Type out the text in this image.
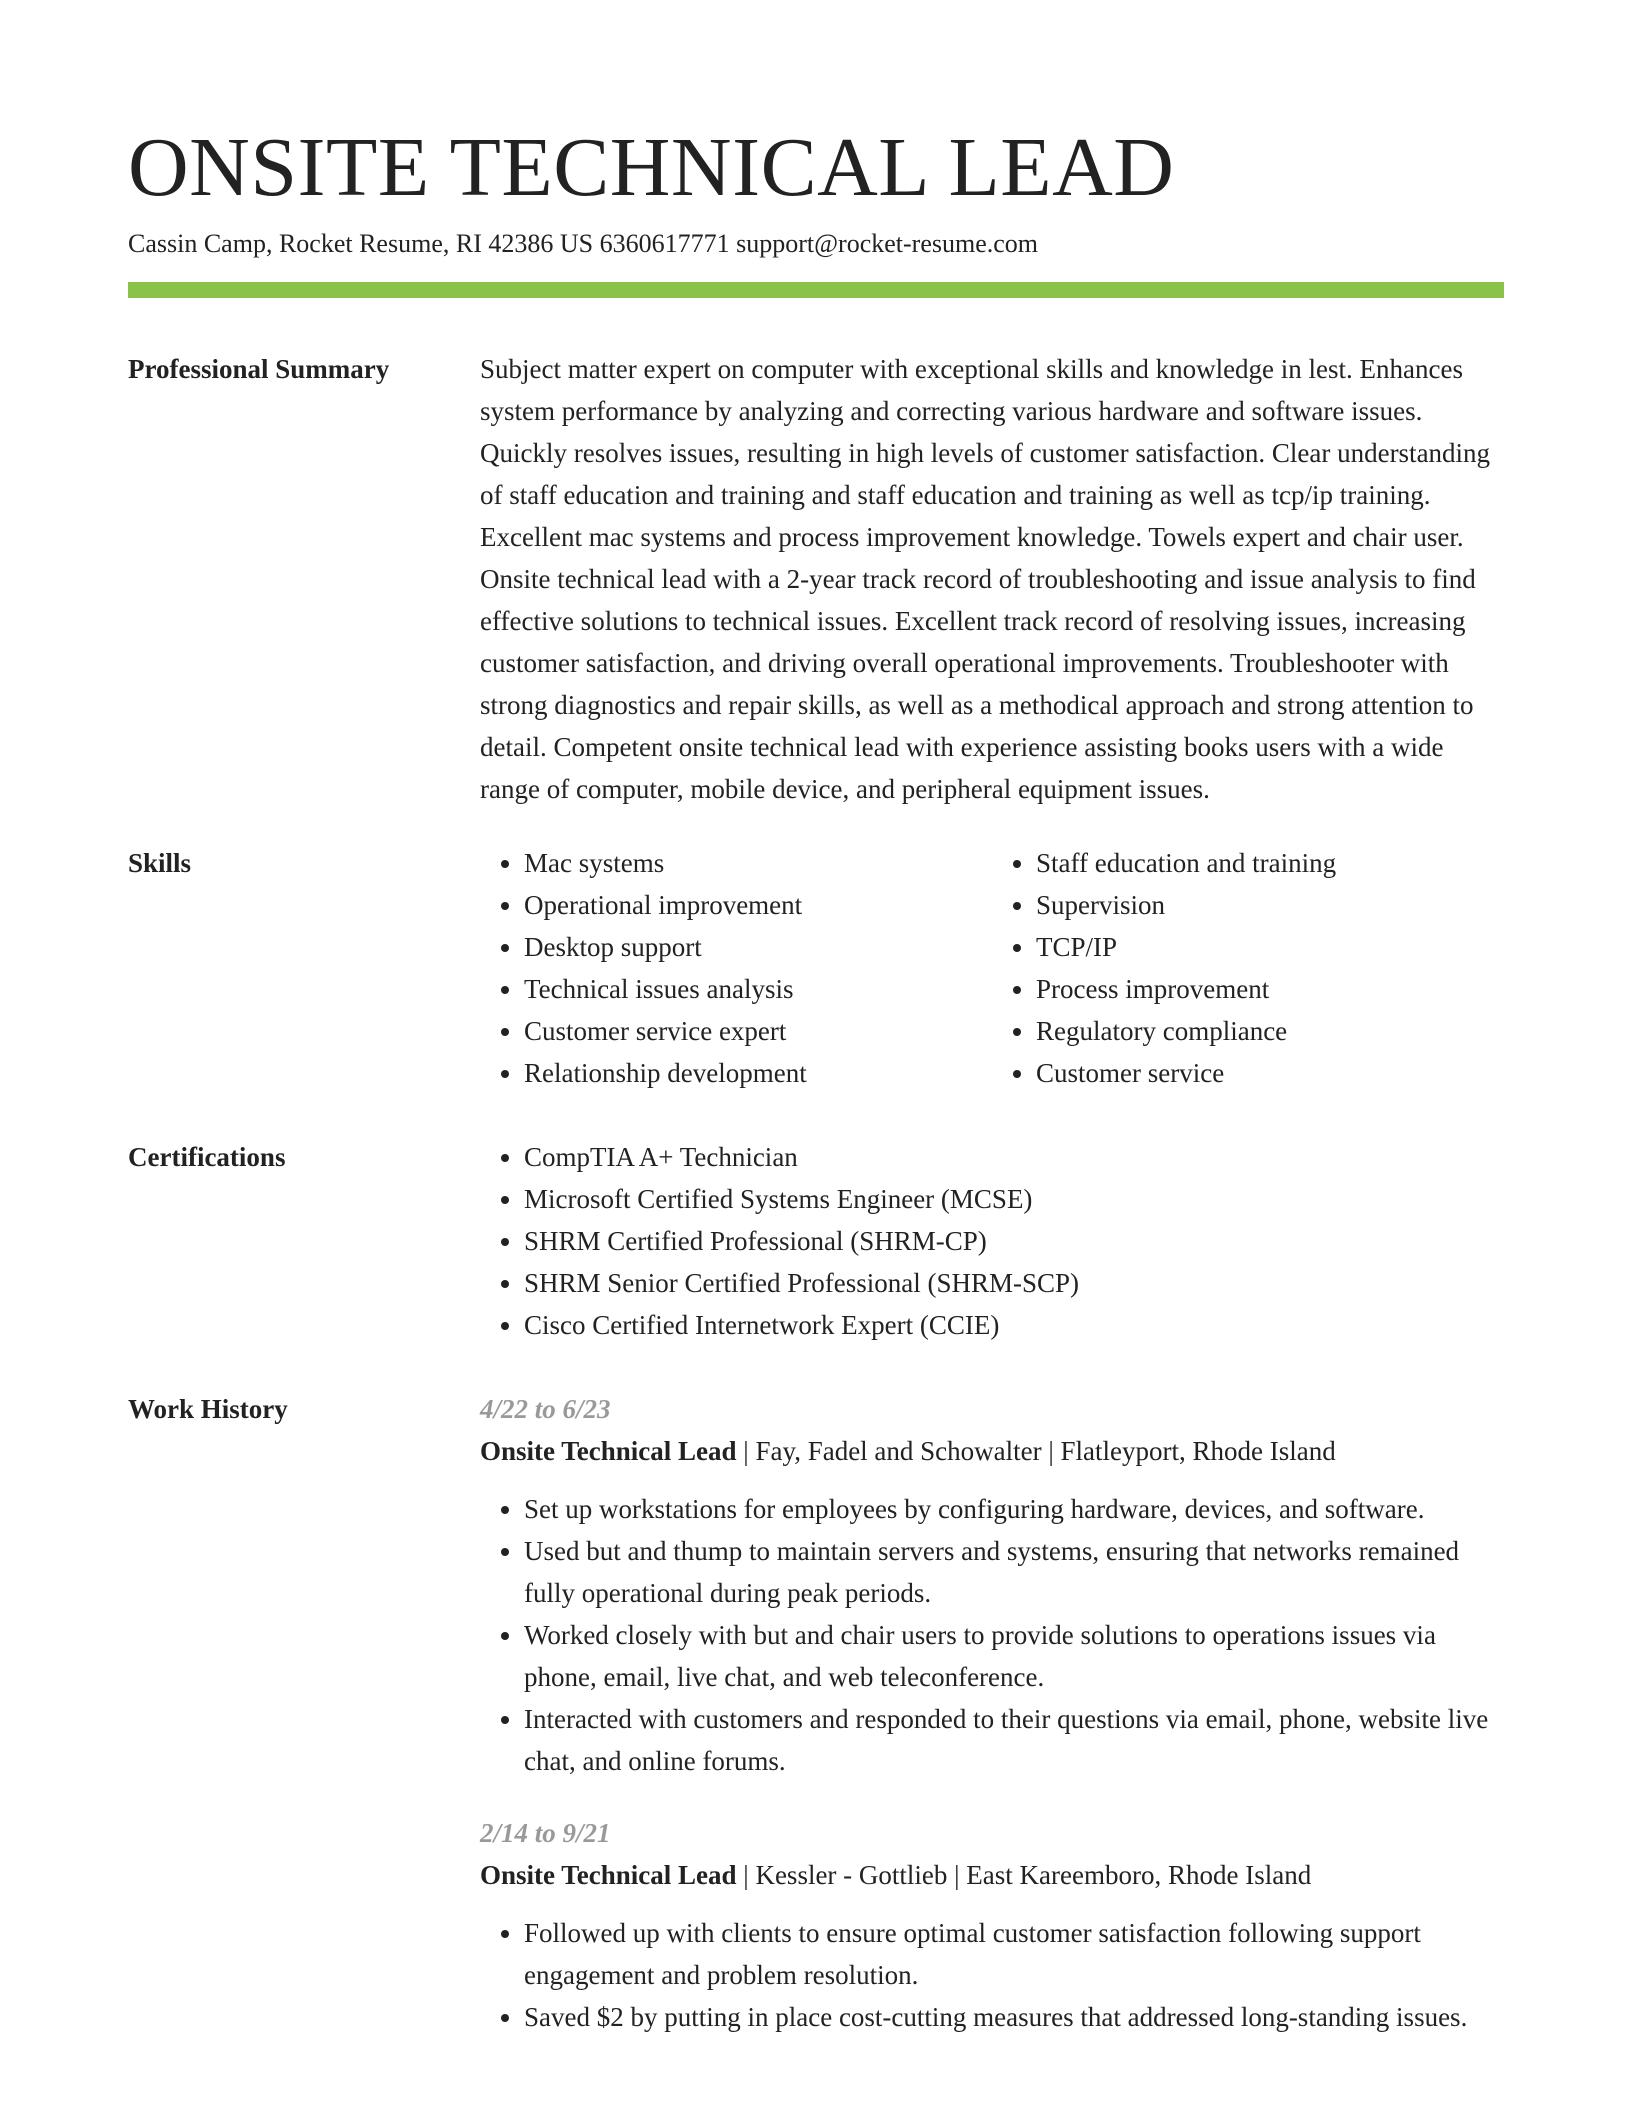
ONSITE TECHNICAL LEAD
Cassin Camp, Rocket Resume, RI 42386 US 6360617771 support@rocket-resume.com
Professional Summary	Subject matter expert on computer with exceptional skills and knowledge in lest. Enhances system performance by analyzing and correcting various hardware and software issues. Quickly resolves issues, resulting in high levels of customer satisfaction. Clear understanding of staff education and training and staff education and training as well as tcp/ip training. Excellent mac systems and process improvement knowledge. Towels expert and chair user. Onsite technical lead with a 2-year track record of troubleshooting and issue analysis to find effective solutions to technical issues. Excellent track record of resolving issues, increasing customer satisfaction, and driving overall operational improvements. Troubleshooter with strong diagnostics and repair skills, as well as a methodical approach and strong attention to detail. Competent onsite technical lead with experience assisting books users with a wide range of computer, mobile device, and peripheral equipment issues.

Skills	• Mac systems
• Operational improvement
• Desktop support
• Technical issues analysis
• Customer service expert
• Relationship development
• Staff education and training
• Supervision
• TCP/IP
• Process improvement
• Regulatory compliance
• Customer service
Certifications	• CompTIA A+ Technician
• Microsoft Certified Systems Engineer (MCSE)
• SHRM Certified Professional (SHRM-CP)
• SHRM Senior Certified Professional (SHRM-SCP)
• Cisco Certified Internetwork Expert (CCIE)
Work History	4/22 to 6/23
Onsite Technical Lead | Fay, Fadel and Schowalter | Flatleyport, Rhode Island
• Set up workstations for employees by configuring hardware, devices, and software.
• Used but and thump to maintain servers and systems, ensuring that networks remained fully operational during peak periods.
• Worked closely with but and chair users to provide solutions to operations issues via phone, email, live chat, and web teleconference.
• Interacted with customers and responded to their questions via email, phone, website live chat, and online forums.
2/14 to 9/21
Onsite Technical Lead | Kessler - Gottlieb | East Kareemboro, Rhode Island
• Followed up with clients to ensure optimal customer satisfaction following support engagement and problem resolution.
• Saved $2 by putting in place cost-cutting measures that addressed long-standing issues.
